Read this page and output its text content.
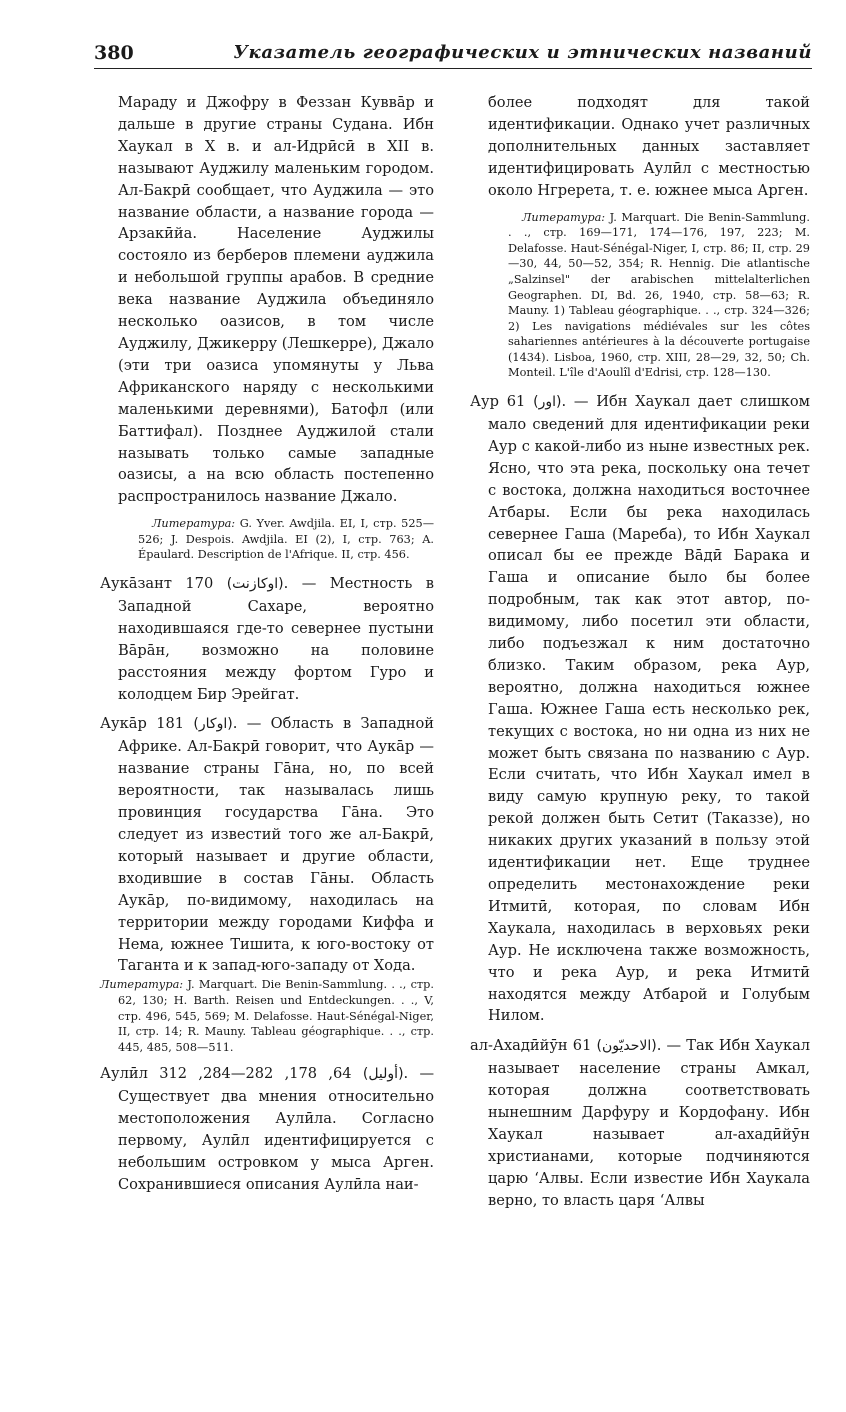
380	Указатель географических и этнических названий

Мараду и Джофру в Феззан Куввāр и дальше в другие страны Судана. Ибн Хаукал в X в. и ал-Идрӣсӣ в XII в. называют Ауджилу маленьким городом. Ал-Бакрӣ сообщает, что Ауджила — это название области, а название города — Арзакӣйа. Население Ауджилы состояло из берберов племени ауджила и небольшой группы арабов. В средние века название Ауджила объединяло несколько оазисов, в том числе Ауджилу, Джикерру (Лешкерре), Джало (эти три оазиса упомянуты у Льва Африканского наряду с несколькими маленькими деревнями), Батофл (или Баттифал). Позднее Ауджилой стали называть только самые западные оазисы, а на всю область постепенно распространилось название Джало.

Литература: G. Yver. Awdjila. EI, I, стр. 525—526; J. Despois. Awdjila. EI (2), I, стр. 763; A. Épaulard. Description de l'Afrique. II, стр. 456.

Аукāзант	(اوكازنت) 170. — Местность в Западной Сахаре, вероятно находившаяся где-то севернее пустыни Вāрāн, возможно на половине расстояния между фортом Гуро и колодцем Бир Эрейгат.

Аукāр	(اوكار) 181. — Область в Западной Африке. Ал-Бакрӣ говорит, что Аукāр — название страны Гāна, но, по всей вероятности, так называлась лишь провинция государства Гāна. Это следует из известий того же ал-Бакрӣ, который называет и другие области, входившие в состав Гāны. Область Аукāр, по-видимому, находилась на территории между городами Киффа и Нема, южнее Тишита, к юго-востоку от Таганта и к запад-юго-западу от Хода.

Литература: J. Marquart. Die Benin-Sammlung. . ., стр. 62, 130; H. Barth. Reisen und Entdeckungen. . ., V, стр. 496, 545, 569; M. Delafosse. Haut-Sénégal-Niger, II, стр. 14; R. Mauny. Tableau géographique. . ., стр. 445, 485, 508—511.

Аулӣл	(أوليل) 64, 178, 282—284, 312. — Существует два мнения относительно местоположения Аулӣла. Согласно первому, Аулӣл идентифицируется с небольшим островком у мыса Арген. Сохранившиеся описания Аулӣла наи-

более подходят для такой идентификации. Однако учет различных дополнительных данных заставляет идентифицировать Аулӣл с местностью около Нгререта, т. е. южнее мыса Арген.

Литература: J. Marquart. Die Benin-Sammlung. . ., стр. 169—171, 174—176, 197, 223; M. Delafosse. Haut-Sénégal-Niger, I, стр. 86; II, стр. 29—30, 44, 50—52, 354; R. Hennig. Die atlantische „Salzinsel" der arabischen mittelalterlichen Geographen. DI, Bd. 26, 1940, стр. 58—63; R. Mauny. 1) Tableau géographique. . ., стр. 324—326; 2) Les navigations médiévales sur les côtes sahariennes antérieures à la découverte portugaise (1434). Lisboa, 1960, стр. XIII, 28—29, 32, 50; Ch. Monteil. L'île d'Aoulîl d'Edrisi, стр. 128—130.

Аур (اور) 61. — Ибн Хаукал дает слишком мало сведений для идентификации реки Аур с какой-либо из ныне известных рек. Ясно, что эта река, поскольку она течет с востока, должна находиться восточнее Атбары. Если бы река находилась севернее Гаша (Мареба), то Ибн Хаукал описал бы ее прежде Вāдӣ Барака и Гаша и описание было бы более подробным, так как этот автор, по-видимому, либо посетил эти области, либо подъезжал к ним достаточно близко. Таким образом, река Аур, вероятно, должна находиться южнее Гаша. Южнее Гаша есть несколько рек, текущих с востока, но ни одна из них не может быть связана по названию с Аур. Если считать, что Ибн Хаукал имел в виду самую крупную реку, то такой рекой должен быть Сетит (Таказзе), но никаких других указаний в пользу этой идентификации нет. Еще труднее определить местонахождение реки Итмитӣ, которая, по словам Ибн Хаукала, находилась в верховьях реки Аур. Не исключена также возможность, что и река Аур, и река Итмитӣ находятся между Атбарой и Голубым Нилом.

ал-Ахадӣйӯн (الاحديّون) 61. — Так Ибн Хаукал называет население страны Амкал, которая должна соответствовать нынешним Дарфуру и Кордофану. Ибн Хаукал называет ал-ахадӣйӯн христианами, которые подчиняются царю ʻАлвы. Если известие Ибн Хаукала верно, то власть царя ʻАлвы
